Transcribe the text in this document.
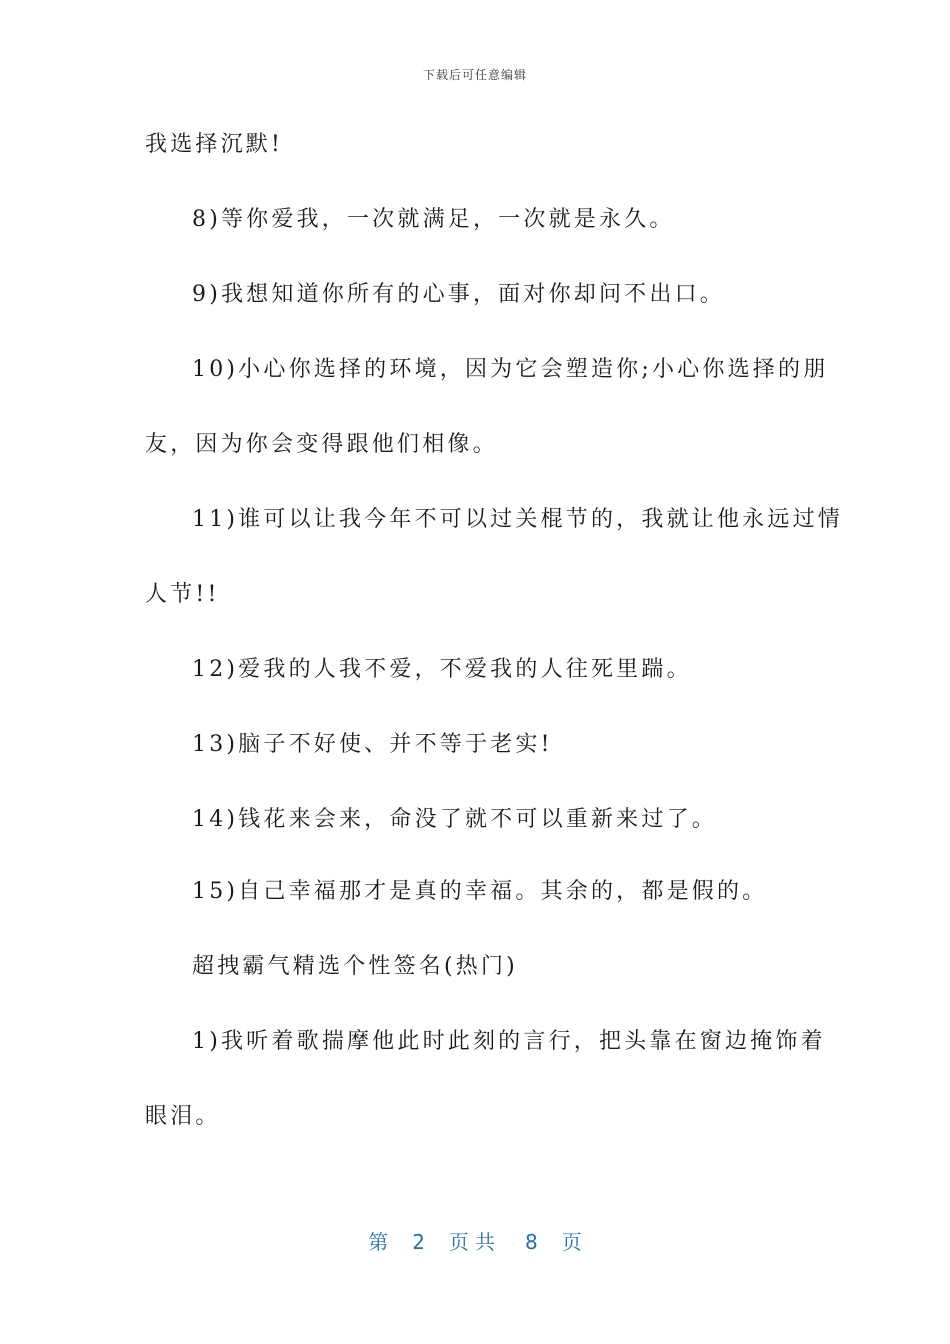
下载后可任意编辑
我选择沉默!
8)等你爱我，一次就满足，一次就是永久。
9)我想知道你所有的心事，面对你却问不出口。
10)小心你选择的环境，因为它会塑造你;小心你选择的朋
友，因为你会变得跟他们相像。
11)谁可以让我今年不可以过关棍节的，我就让他永远过情
人节!!
12)爱我的人我不爱，不爱我的人往死里踹。
13)脑子不好使、并不等于老实!
14)钱花来会来，命没了就不可以重新来过了。
15)自己幸福那才是真的幸福。其余的，都是假的。
超拽霸气精选个性签名(热门)
1)我听着歌揣摩他此时此刻的言行，把头靠在窗边掩饰着
眼泪。
第 2 页共 8 页
